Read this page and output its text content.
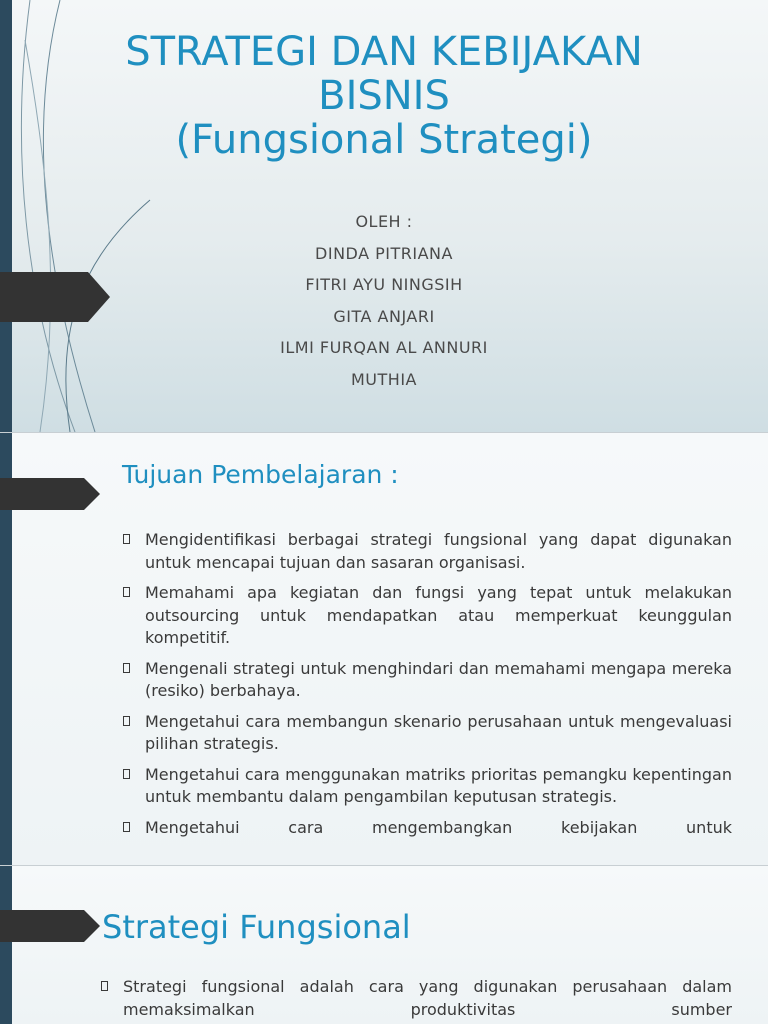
STRATEGI DAN KEBIJAKAN
BISNIS
(Fungsional Strategi)
OLEH :
DINDA PITRIANA
FITRI AYU NINGSIH
GITA ANJARI
ILMI FURQAN AL ANNURI
MUTHIA
Tujuan Pembelajaran :
Mengidentifikasi berbagai strategi fungsional yang dapat digunakan untuk mencapai tujuan dan sasaran organisasi.
Memahami apa kegiatan dan fungsi yang tepat untuk melakukan outsourcing untuk mendapatkan atau memperkuat keunggulan kompetitif.
Mengenali strategi untuk menghindari dan memahami mengapa mereka (resiko) berbahaya.
Mengetahui cara membangun skenario perusahaan untuk mengevaluasi pilihan strategis.
Mengetahui cara menggunakan matriks prioritas pemangku kepentingan untuk membantu dalam pengambilan keputusan strategis.
Mengetahui cara mengembangkan kebijakan untuk
Strategi Fungsional
Strategi fungsional adalah cara yang digunakan perusahaan dalam memaksimalkan produktivitas sumber
